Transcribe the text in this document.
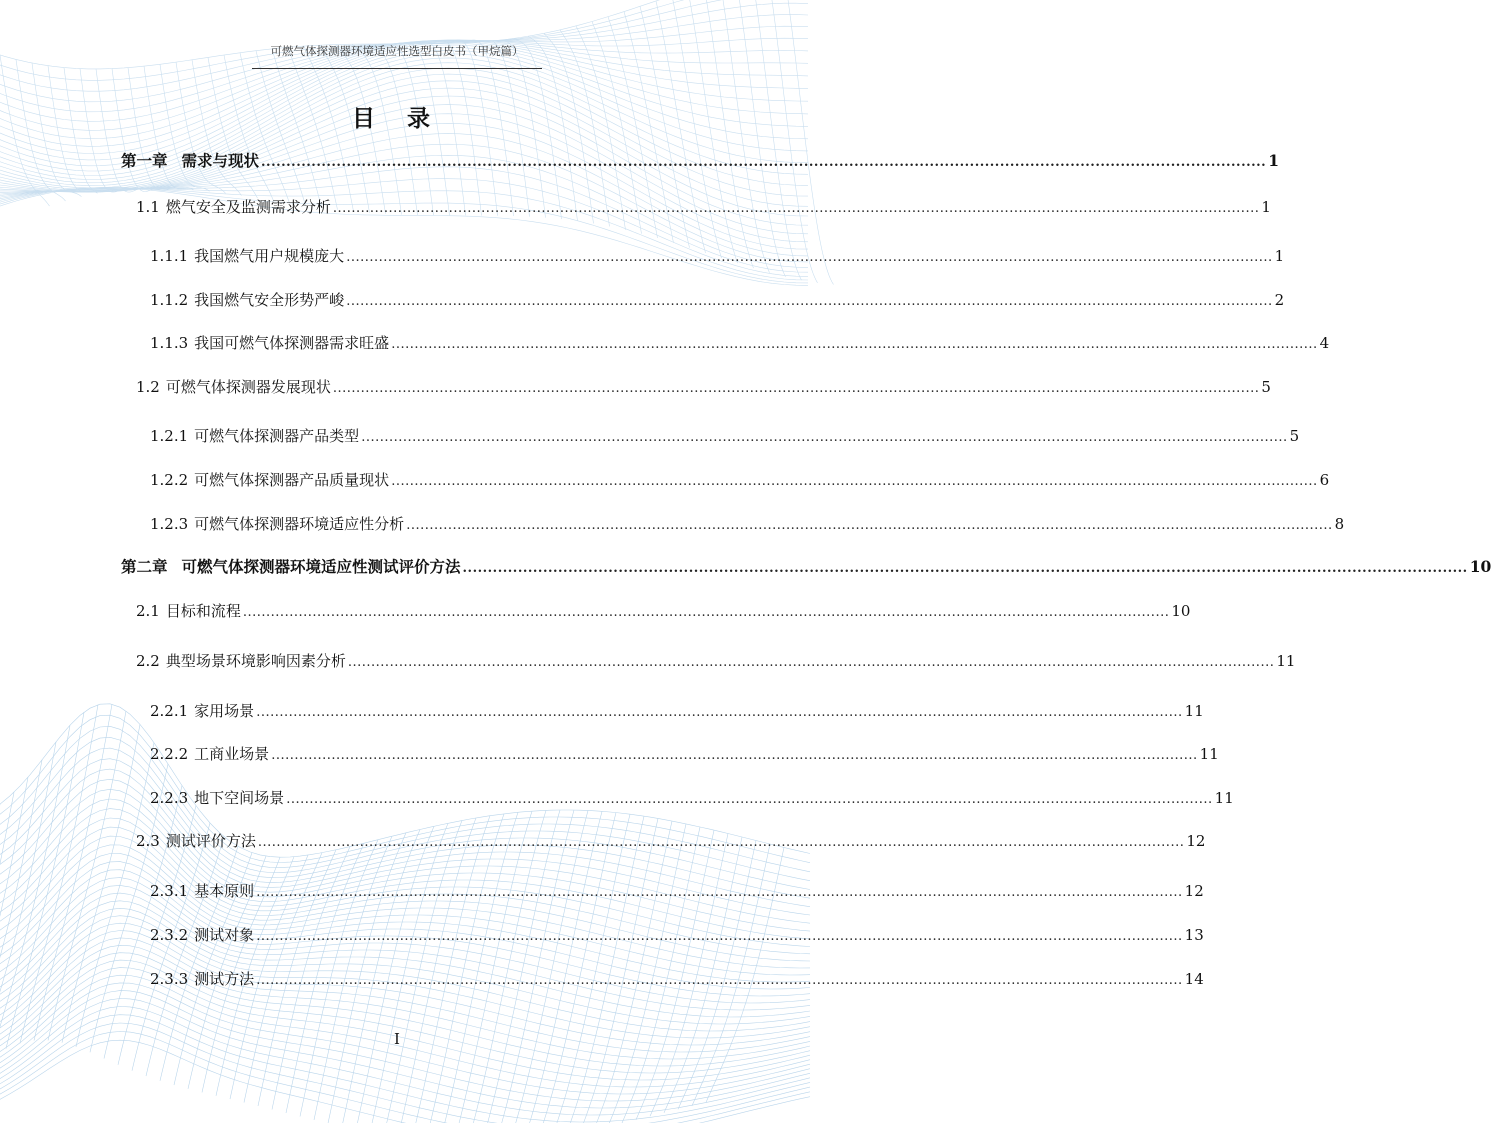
可燃气体探测器环境适应性选型白皮书（甲烷篇）
目 录
第一章 需求与现状 ........................................................................................................................................................................................................ 1
1.1 燃气安全及监测需求分析 ........................................................................................................................................................................................................ 1
1.1.1 我国燃气用户规模庞大 ........................................................................................................................................................................................................ 1
1.1.2 我国燃气安全形势严峻 ........................................................................................................................................................................................................ 2
1.1.3 我国可燃气体探测器需求旺盛 ........................................................................................................................................................................................................ 4
1.2 可燃气体探测器发展现状 ........................................................................................................................................................................................................ 5
1.2.1 可燃气体探测器产品类型 ........................................................................................................................................................................................................ 5
1.2.2 可燃气体探测器产品质量现状 ........................................................................................................................................................................................................ 6
1.2.3 可燃气体探测器环境适应性分析 ........................................................................................................................................................................................................ 8
第二章 可燃气体探测器环境适应性测试评价方法 ........................................................................................................................................................................................................ 10
2.1 目标和流程 ........................................................................................................................................................................................................ 10
2.2 典型场景环境影响因素分析 ........................................................................................................................................................................................................ 11
2.2.1 家用场景 ........................................................................................................................................................................................................ 11
2.2.2 工商业场景 ........................................................................................................................................................................................................ 11
2.2.3 地下空间场景 ........................................................................................................................................................................................................ 11
2.3 测试评价方法 ........................................................................................................................................................................................................ 12
2.3.1 基本原则 ........................................................................................................................................................................................................ 12
2.3.2 测试对象 ........................................................................................................................................................................................................ 13
2.3.3 测试方法 ........................................................................................................................................................................................................ 14
I
